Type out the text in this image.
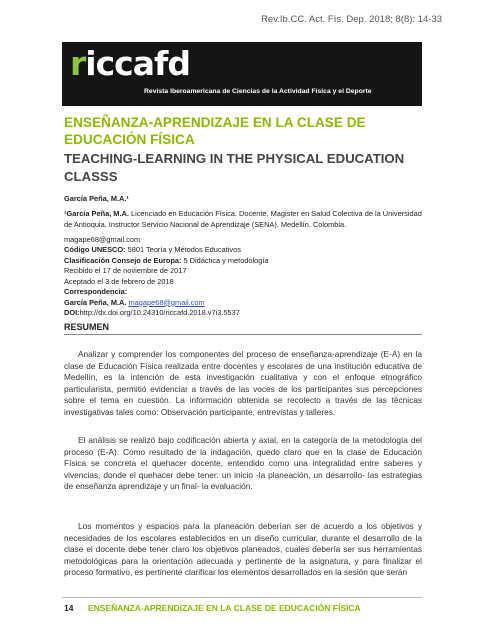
Rev.Ib.CC. Act. Fís. Dep. 2018; 8(8): 14-33
riccafd
Revista Iberoamericana de Ciencias de la Actividad Física y el Deporte
ENSEÑANZA-APRENDIZAJE EN LA CLASE DE EDUCACIÓN FÍSICA
TEACHING-LEARNING IN THE PHYSICAL EDUCATION CLASSS
García Peña, M.A.¹
¹García Peña, M.A. Licenciado en Educación Física. Docente, Magister en Salud Colectiva de la Universidad de Antioquia. Instructor Servicio Nacional de Aprendizaje (SENA). Medellín. Colombia.
magape68@gmail.com
Código UNESCO: 5801 Teoría y Métodos Educativos
Clasificación Consejo de Europa: 5 Didáctica y metodología
Recibido el 17 de noviembre de 2017
Aceptado el 3 de febrero de 2018
Correspondencia:
García Peña, M.A. magape68@gmail.com
DOI:http://dx.doi.org/10.24310/riccafd.2018.v7i3.5537
RESUMEN
Analizar y comprender los componentes del proceso de enseñanza-aprendizaje (E-A) en la clase de Educación Física realizada entre docentes y escolares de una institución educativa de Medellín, es la intención de esta investigación cualitativa y con el enfoque etnográfico particularista, permitió evidenciar a través de las voces de los participantes sus percepciones sobre el tema en cuestión. La información obtenida se recolecto a través de las técnicas investigativas tales como: Observación participante, entrevistas y talleres.
El análisis se realizó bajo codificación abierta y axial, en la categoría de la metodología del proceso (E-A). Como resultado de la indagación, quedo claro que en la clase de Educación Física se concreta el quehacer docente, entendido como una integralidad entre saberes y vivencias, donde el quehacer debe tener: un inicio -la planeación, un desarrollo- las estrategias de enseñanza aprendizaje y un final- la evaluación.
Los momentos y espacios para la planeación deberían ser de acuerdo a los objetivos y necesidades de los escolares establecidos en un diseño curricular, durante el desarrollo de la clase el docente debe tener claro los objetivos planeados, cuales debería ser sus herramientas metodológicas para la orientación adecuada y pertinente de la asignatura, y para finalizar el proceso formativo, es pertinente clarificar los elementos desarrollados en la sesión que serán
14 ENSEÑANZA-APRENDIZAJE EN LA CLASE DE EDUCACIÓN FÍSICA
